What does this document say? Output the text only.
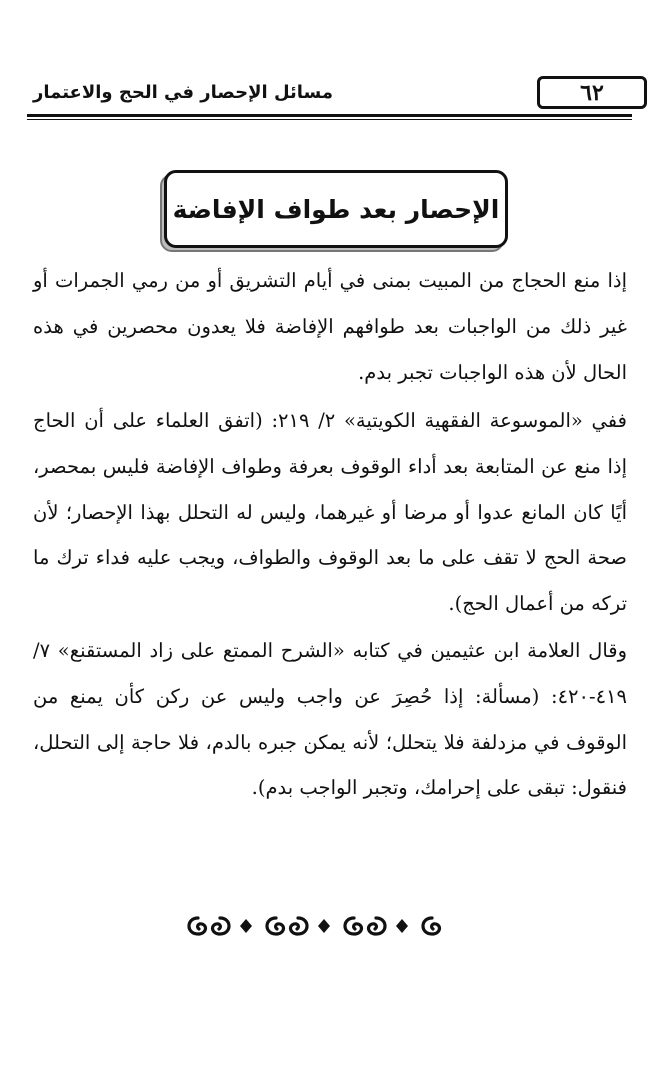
٦٢
مسائل الإحصار في الحج والاعتمار
الإحصار بعد طواف الإفاضة

إذا منع الحجاج من المبيت بمنى في أيام التشريق أو من رمي الجمرات أو غير ذلك من الواجبات بعد طوافهم الإفاضة فلا يعدون محصرين في هذه الحال لأن هذه الواجبات تجبر بدم.

ففي «الموسوعة الفقهية الكويتية» ٢/ ٢١٩: (اتفق العلماء على أن الحاج إذا منع عن المتابعة بعد أداء الوقوف بعرفة وطواف الإفاضة فليس بمحصر، أيًا كان المانع عدوا أو مرضا أو غيرهما، وليس له التحلل بهذا الإحصار؛ لأن صحة الحج لا تقف على ما بعد الوقوف والطواف، ويجب عليه فداء ترك ما تركه من أعمال الحج).

وقال العلامة ابن عثيمين في كتابه «الشرح الممتع على زاد المستقنع» ٧/ ٤١٩-٤٢٠: (مسألة: إذا حُصِرَ عن واجب وليس عن ركن كأن يمنع من الوقوف في مزدلفة فلا يتحلل؛ لأنه يمكن جبره بالدم، فلا حاجة إلى التحلل، فنقول: تبقى على إحرامك، وتجبر الواجب بدم).
